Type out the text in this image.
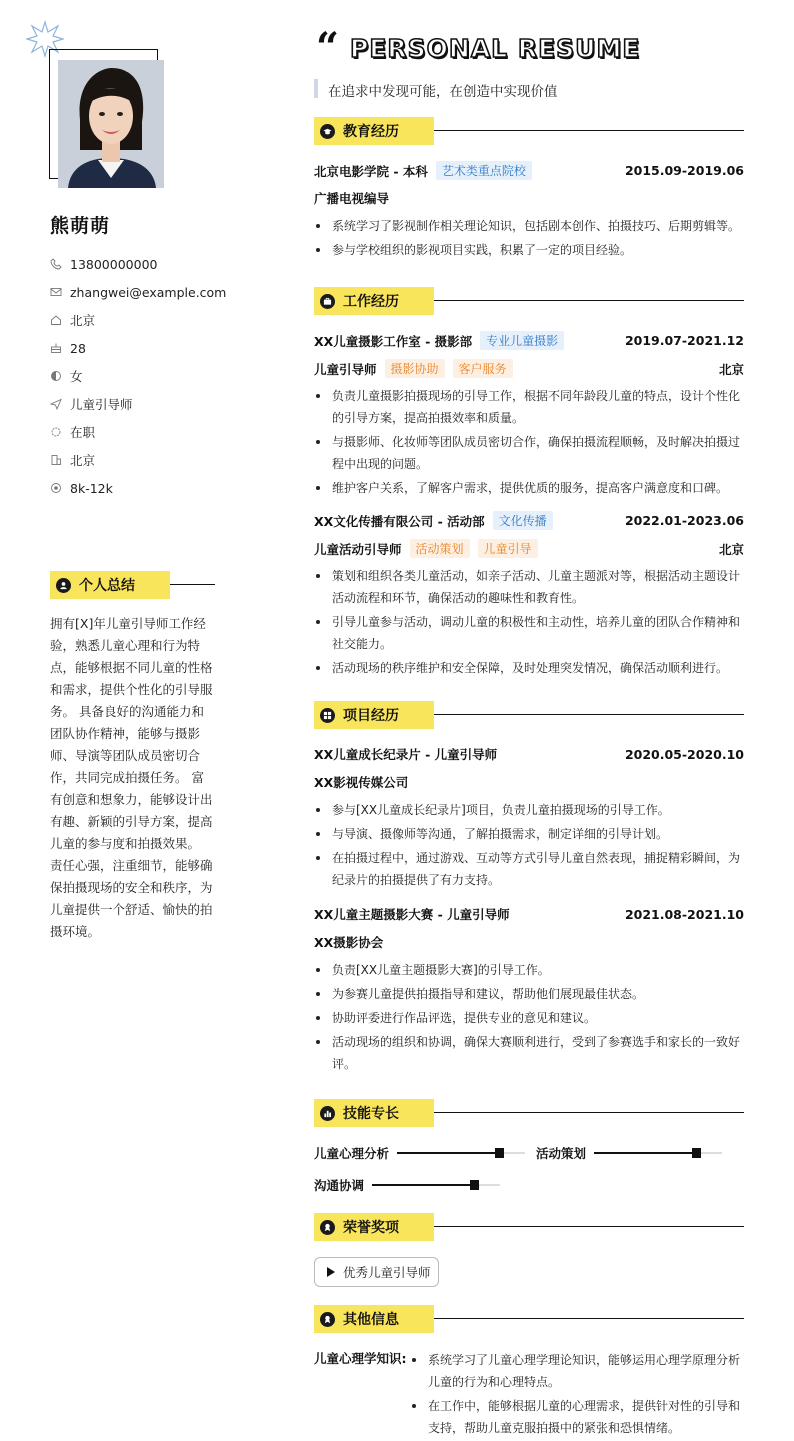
熊萌萌
13800000000
zhangwei@example.com
北京
28
女
儿童引导师
在职
北京
8k-12k
个人总结
拥有[X]年儿童引导师工作经验，熟悉儿童心理和行为特点，能够根据不同儿童的性格和需求，提供个性化的引导服务。 具备良好的沟通能力和团队协作精神，能够与摄影师、导演等团队成员密切合作，共同完成拍摄任务。 富有创意和想象力，能够设计出有趣、新颖的引导方案，提高儿童的参与度和拍摄效果。 责任心强，注重细节，能够确保拍摄现场的安全和秩序，为儿童提供一个舒适、愉快的拍摄环境。
“ PERSONAL RESUME
在追求中发现可能，在创造中实现价值
教育经历
北京电影学院 - 本科	艺术类重点院校	2015.09-2019.06
广播电视编导
系统学习了影视制作相关理论知识，包括剧本创作、拍摄技巧、后期剪辑等。
参与学校组织的影视项目实践，积累了一定的项目经验。
工作经历
XX儿童摄影工作室 - 摄影部	专业儿童摄影	2019.07-2021.12
儿童引导师	摄影协助	客户服务	北京
负责儿童摄影拍摄现场的引导工作，根据不同年龄段儿童的特点，设计个性化的引导方案，提高拍摄效率和质量。
与摄影师、化妆师等团队成员密切合作，确保拍摄流程顺畅，及时解决拍摄过程中出现的问题。
维护客户关系，了解客户需求，提供优质的服务，提高客户满意度和口碑。
XX文化传播有限公司 - 活动部	文化传播	2022.01-2023.06
儿童活动引导师	活动策划	儿童引导	北京
策划和组织各类儿童活动，如亲子活动、儿童主题派对等，根据活动主题设计活动流程和环节，确保活动的趣味性和教育性。
引导儿童参与活动，调动儿童的积极性和主动性，培养儿童的团队合作精神和社交能力。
活动现场的秩序维护和安全保障，及时处理突发情况，确保活动顺利进行。
项目经历
XX儿童成长纪录片 - 儿童引导师	2020.05-2020.10
XX影视传媒公司
参与[XX儿童成长纪录片]项目，负责儿童拍摄现场的引导工作。
与导演、摄像师等沟通，了解拍摄需求，制定详细的引导计划。
在拍摄过程中，通过游戏、互动等方式引导儿童自然表现，捕捉精彩瞬间，为纪录片的拍摄提供了有力支持。
XX儿童主题摄影大赛 - 儿童引导师	2021.08-2021.10
XX摄影协会
负责[XX儿童主题摄影大赛]的引导工作。
为参赛儿童提供拍摄指导和建议，帮助他们展现最佳状态。
协助评委进行作品评选，提供专业的意见和建议。
活动现场的组织和协调，确保大赛顺利进行，受到了参赛选手和家长的一致好评。
技能专长
儿童心理分析	活动策划
沟通协调
荣誉奖项
优秀儿童引导师
其他信息
儿童心理学知识:	系统学习了儿童心理学理论知识，能够运用心理学原理分析儿童的行为和心理特点。
在工作中，能够根据儿童的心理需求，提供针对性的引导和支持，帮助儿童克服拍摄中的紧张和恐惧情绪。
